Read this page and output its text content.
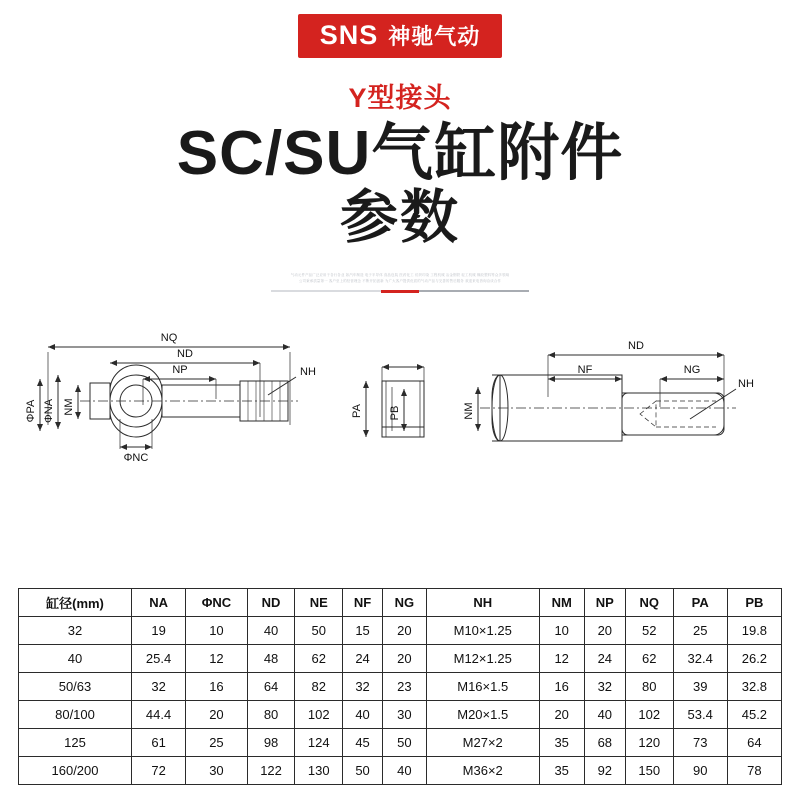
SNS 神驰气动
Y型接头
SC/SU气缸附件
参数
气动元件产品广泛应用于各行各业 如汽车制造 电子半导体 食品包装 医药化工 纺织印染 工程机械 冶金钢铁 轻工机械 橡胶塑料等众多领域
公司秉承质量第一 客户至上的经营理念 不断开拓创新 为广大客户提供优质的气动产品与完善的售后服务 欢迎来电咨询洽谈合作
NQ
ND
NP	NH
ΦPA ΦNA NM
ΦNC
PA PB
ND
NF	NG
NH
NM
缸径(mm)	NA	ΦNC	ND	NE	NF	NG	NH	NM	NP	NQ	PA	PB
32	19	10	40	50	15	20	M10×1.25	10	20	52	25	19.8
40	25.4	12	48	62	24	20	M12×1.25	12	24	62	32.4	26.2
50/63	32	16	64	82	32	23	M16×1.5	16	32	80	39	32.8
80/100	44.4	20	80	102	40	30	M20×1.5	20	40	102	53.4	45.2
125	61	25	98	124	45	50	M27×2	35	68	120	73	64
160/200	72	30	122	130	50	40	M36×2	35	92	150	90	78
